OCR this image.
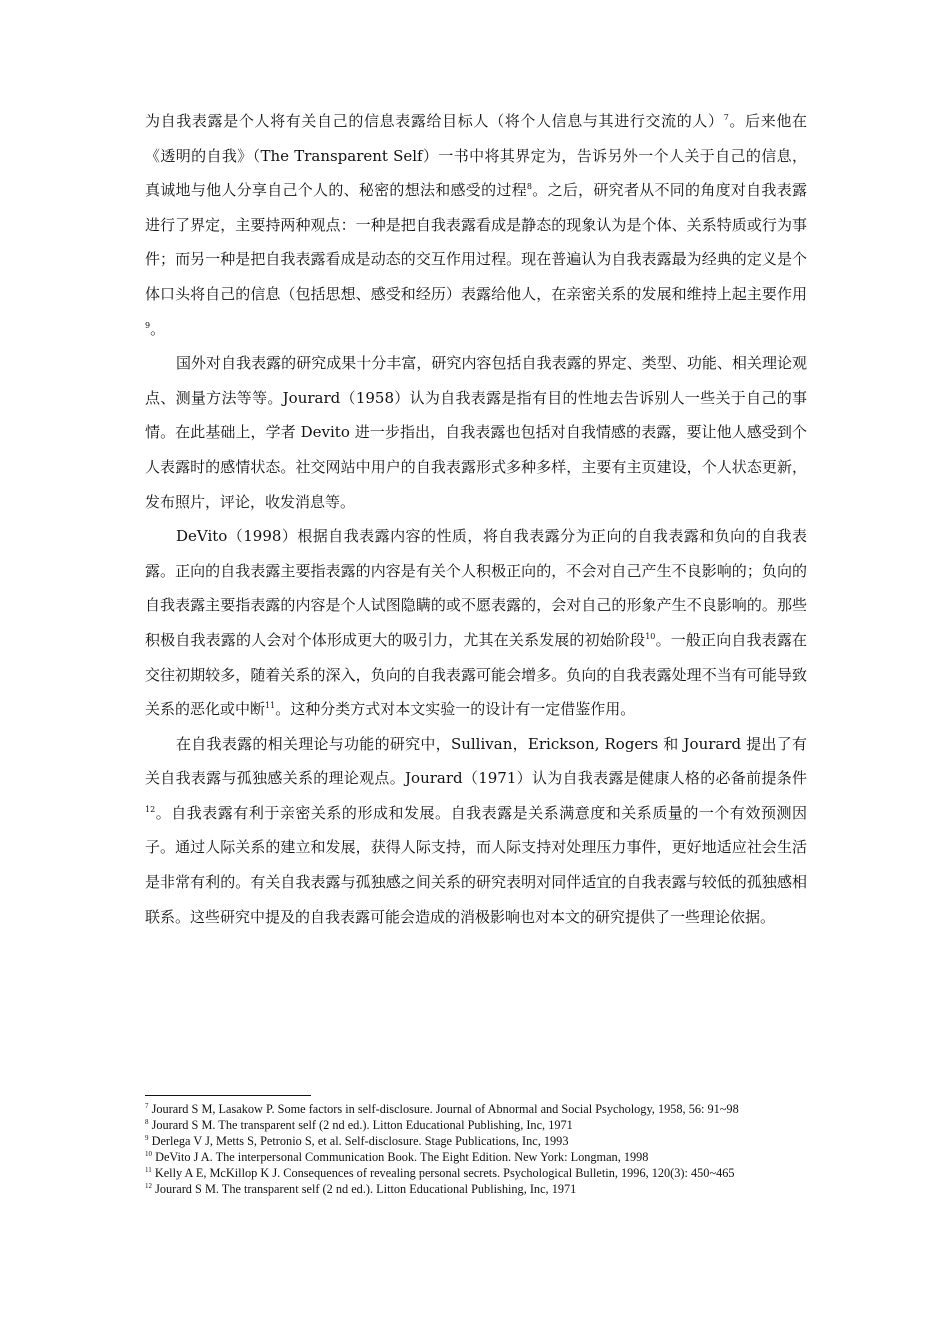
为自我表露是个人将有关自己的信息表露给目标人（将个人信息与其进行交流的人）$^7$。后来他在《透明的自我》（The Transparent Self）一书中将其界定为，告诉另外一个人关于自己的信息，真诚地与他人分享自己个人的、秘密的想法和感受的过程$^8$。之后，研究者从不同的角度对自我表露进行了界定，主要持两种观点：一种是把自我表露看成是静态的现象认为是个体、关系特质或行为事件；而另一种是把自我表露看成是动态的交互作用过程。现在普遍认为自我表露最为经典的定义是个体口头将自己的信息（包括思想、感受和经历）表露给他人，在亲密关系的发展和维持上起主要作用$^9$。

国外对自我表露的研究成果十分丰富，研究内容包括自我表露的界定、类型、功能、相关理论观点、测量方法等等。Jourard（1958）认为自我表露是指有目的性地去告诉别人一些关于自己的事情。在此基础上，学者 Devito 进一步指出，自我表露也包括对自我情感的表露，要让他人感受到个人表露时的感情状态。社交网站中用户的自我表露形式多种多样，主要有主页建设，个人状态更新，发布照片，评论，收发消息等。

DeVito（1998）根据自我表露内容的性质，将自我表露分为正向的自我表露和负向的自我表露。正向的自我表露主要指表露的内容是有关个人积极正向的，不会对自己产生不良影响的；负向的自我表露主要指表露的内容是个人试图隐瞒的或不愿表露的，会对自己的形象产生不良影响的。那些积极自我表露的人会对个体形成更大的吸引力，尤其在关系发展的初始阶段$^{10}$。一般正向自我表露在交往初期较多，随着关系的深入，负向的自我表露可能会增多。负向的自我表露处理不当有可能导致关系的恶化或中断$^{11}$。这种分类方式对本文实验一的设计有一定借鉴作用。

在自我表露的相关理论与功能的研究中，Sullivan，Erickson, Rogers 和 Jourard 提出了有关自我表露与孤独感关系的理论观点。Jourard（1971）认为自我表露是健康人格的必备前提条件$^{12}$。自我表露有利于亲密关系的形成和发展。自我表露是关系满意度和关系质量的一个有效预测因子。通过人际关系的建立和发展，获得人际支持，而人际支持对处理压力事件，更好地适应社会生活是非常有利的。有关自我表露与孤独感之间关系的研究表明对同伴适宜的自我表露与较低的孤独感相联系。这些研究中提及的自我表露可能会造成的消极影响也对本文的研究提供了一些理论依据。

$^7$ Jourard S M, Lasakow P. Some factors in self-disclosure. Journal of Abnormal and Social Psychology, 1958, 56: 91~98

$^8$ Jourard S M. The transparent self (2 nd ed.). Litton Educational Publishing, Inc, 1971

$^9$ Derlega V J, Metts S, Petronio S, et al. Self-disclosure. Stage Publications, Inc, 1993

$^{10}$ DeVito J A. The interpersonal Communication Book. The Eight Edition. New York: Longman, 1998

$^{11}$ Kelly A E, McKillop K J. Consequences of revealing personal secrets. Psychological Bulletin, 1996, 120(3): 450~465

$^{12}$ Jourard S M. The transparent self (2 nd ed.). Litton Educational Publishing, Inc, 1971
